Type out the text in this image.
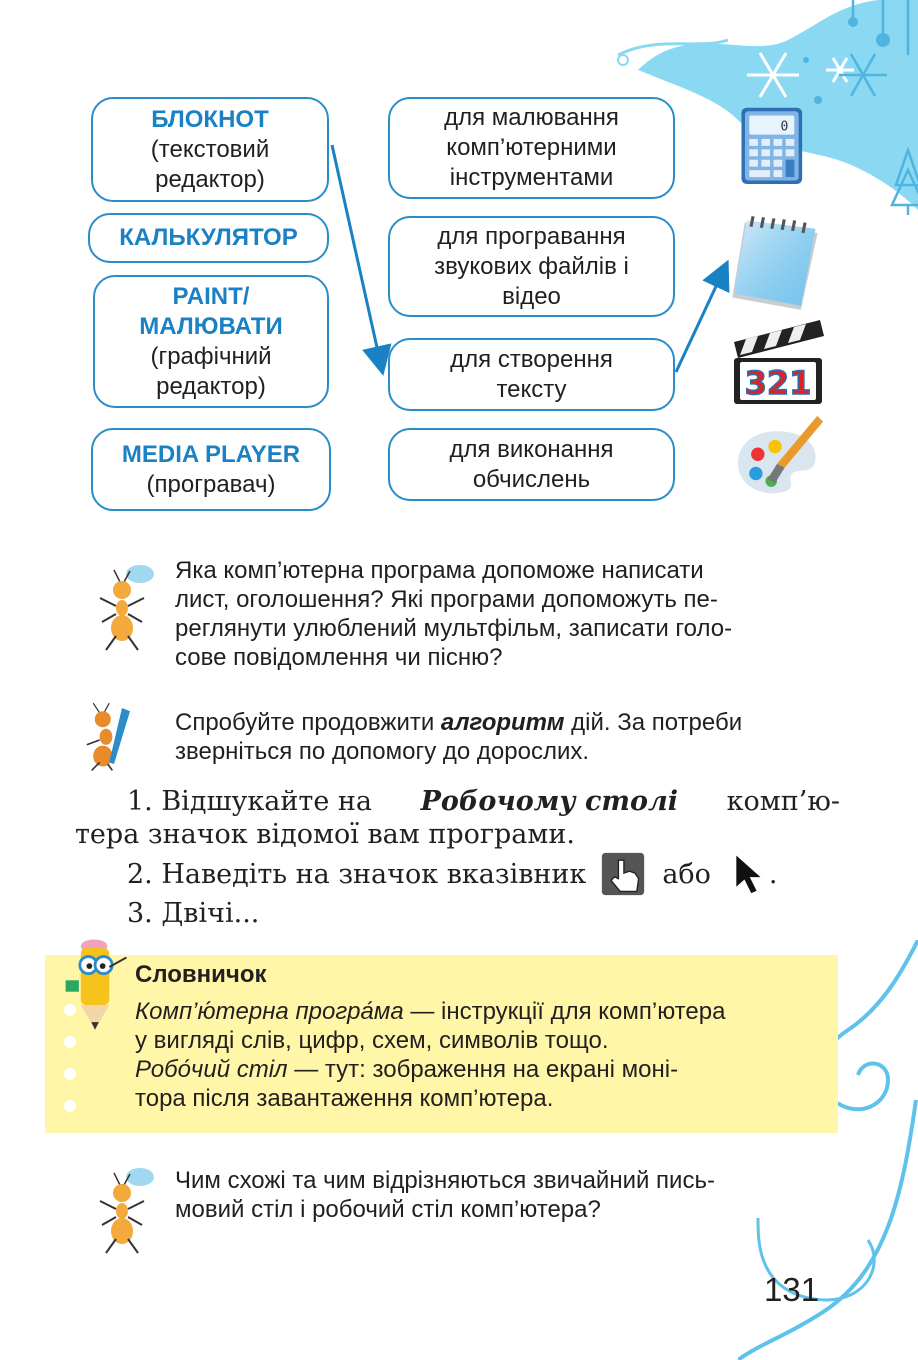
БЛОКНОТ
(текстовий
редактор)
КАЛЬКУЛЯТОР
PAINT/
МАЛЮВАТИ
(графічний
редактор)
MEDIA PLAYER
(програвач)
для малювання
комп’ютерними
інструментами
для програвання
звукових файлів і
відео
для створення
тексту
для виконання
обчислень
0
321
Яка комп’ютерна програма допоможе написати
лист, оголошення? Які програми допоможуть пе-
реглянути улюблений мультфільм, записати голо-
сове повідомлення чи пісню?
Спробуйте продовжити алгоритм дій. За потреби
зверніться по допомогу до дорослих.
1. Відшукайте на Робочому столі комп’ю-
тера значок відомої вам програми.
2. Наведіть на значок вказівник	або .
3. Двічі...
Словничок
Комп’ю́терна програ́ма — інструкції для комп’ютера
у вигляді слів, цифр, схем, символів тощо.
Робо́чий стіл — тут: зображення на екрані моні-
тора після завантаження комп’ютера.
Чим схожі та чим відрізняються звичайний пись-
мовий стіл і робочий стіл комп’ютера?
131
